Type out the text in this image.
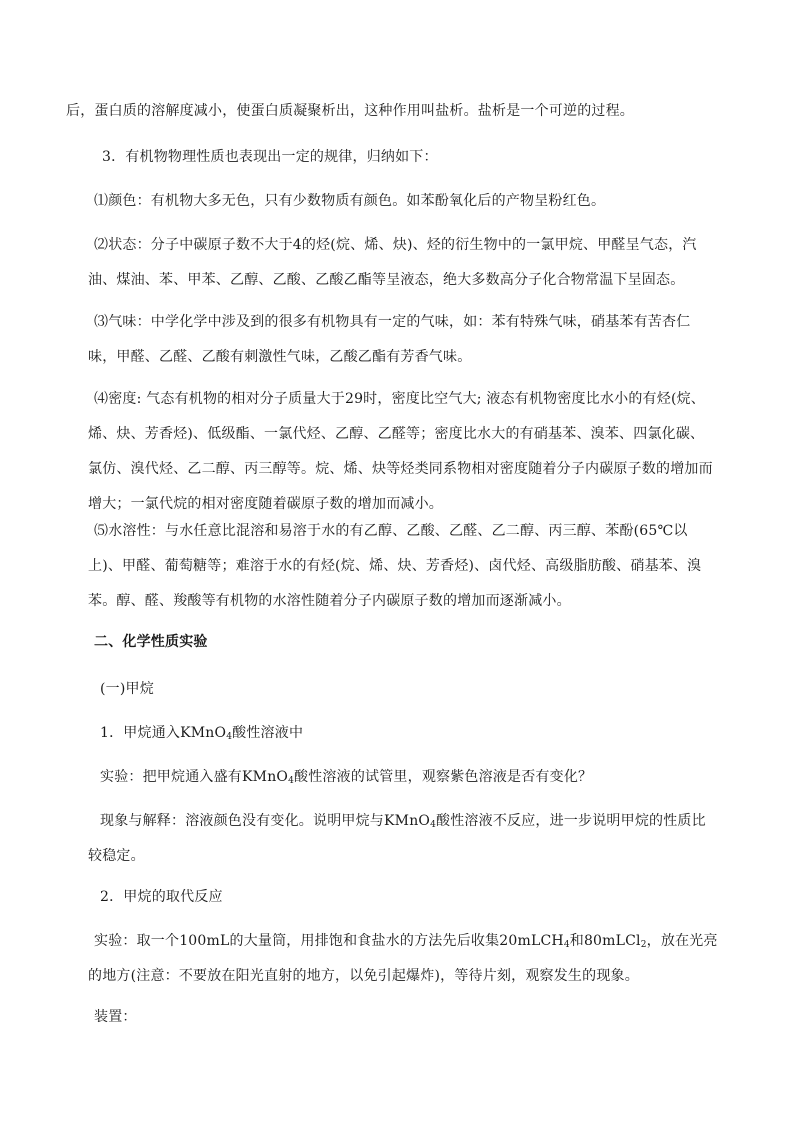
后，蛋白质的溶解度减小，使蛋白质凝聚析出，这种作用叫盐析。盐析是一个可逆的过程。

3．有机物物理性质也表现出一定的规律，归纳如下：

⑴颜色：有机物大多无色，只有少数物质有颜色。如苯酚氧化后的产物呈粉红色。

⑵状态：分子中碳原子数不大于4的烃(烷、烯、炔)、烃的衍生物中的一氯甲烷、甲醛呈气态，汽油、煤油、苯、甲苯、乙醇、乙酸、乙酸乙酯等呈液态，绝大多数高分子化合物常温下呈固态。

⑶气味：中学化学中涉及到的很多有机物具有一定的气味，如：苯有特殊气味，硝基苯有苦杏仁味，甲醛、乙醛、乙酸有刺激性气味，乙酸乙酯有芳香气味。

⑷密度: 气态有机物的相对分子质量大于29时，密度比空气大; 液态有机物密度比水小的有烃(烷、烯、炔、芳香烃)、低级酯、一氯代烃、乙醇、乙醛等；密度比水大的有硝基苯、溴苯、四氯化碳、氯仿、溴代烃、乙二醇、丙三醇等。烷、烯、炔等烃类同系物相对密度随着分子内碳原子数的增加而增大；一氯代烷的相对密度随着碳原子数的增加而减小。

⑸水溶性：与水任意比混溶和易溶于水的有乙醇、乙酸、乙醛、乙二醇、丙三醇、苯酚(65℃以上)、甲醛、葡萄糖等；难溶于水的有烃(烷、烯、炔、芳香烃)、卤代烃、高级脂肪酸、硝基苯、溴苯。醇、醛、羧酸等有机物的水溶性随着分子内碳原子数的增加而逐渐减小。

二、化学性质实验

(一)甲烷

1．甲烷通入KMnO$_4$酸性溶液中

实验：把甲烷通入盛有KMnO$_4$酸性溶液的试管里，观察紫色溶液是否有变化？

现象与解释：溶液颜色没有变化。说明甲烷与KMnO$_4$酸性溶液不反应，进一步说明甲烷的性质比较稳定。

2．甲烷的取代反应

实验：取一个100mL的大量筒，用排饱和食盐水的方法先后收集20mLCH$_4$和80mLCl$_2$，放在光亮的地方(注意：不要放在阳光直射的地方，以免引起爆炸)，等待片刻，观察发生的现象。

装置：
